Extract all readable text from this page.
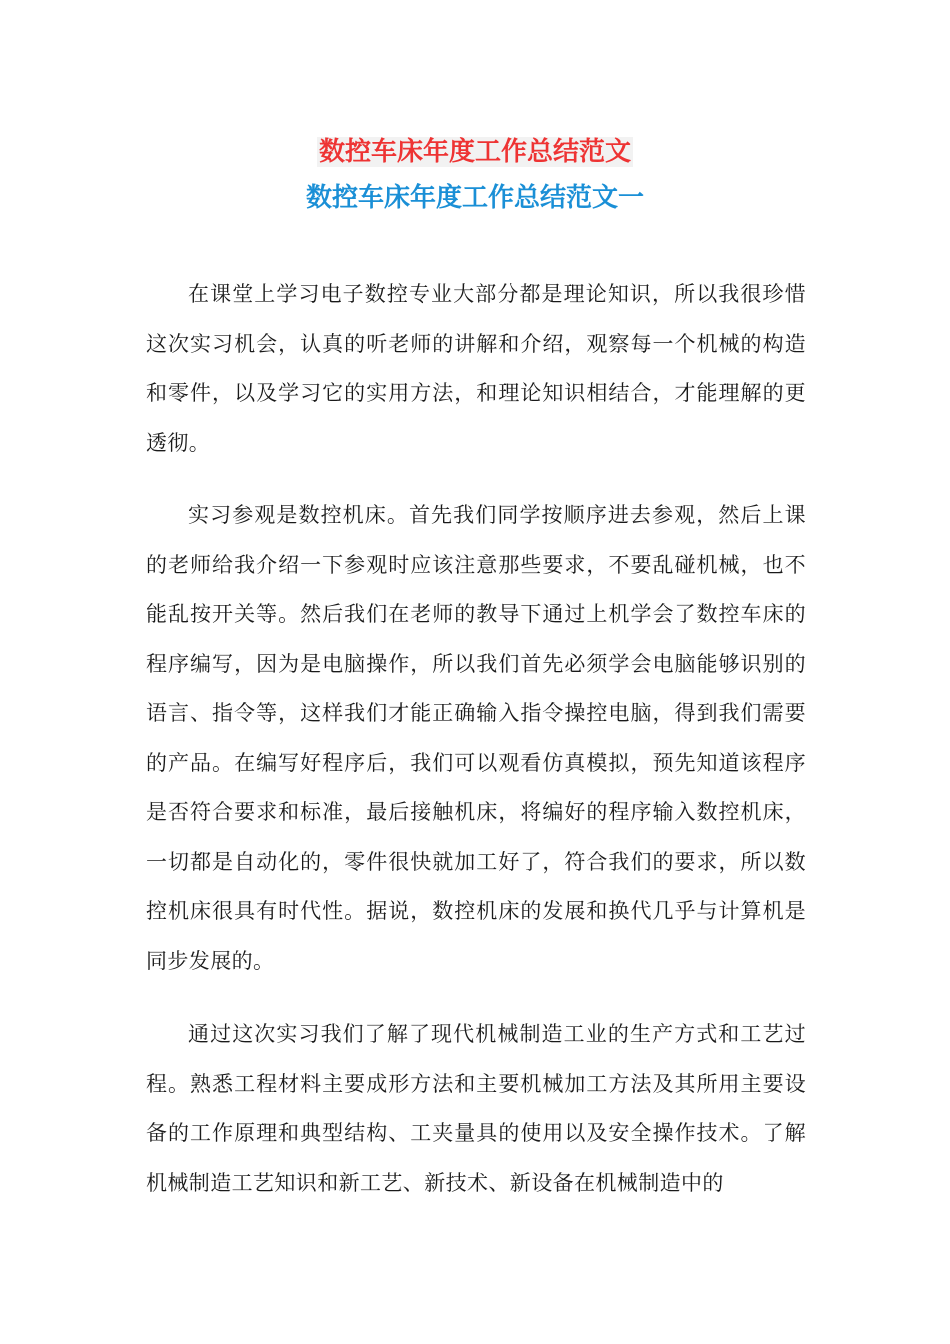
数控车床年度工作总结范文
数控车床年度工作总结范文一

在课堂上学习电子数控专业大部分都是理论知识，所以我很珍惜这次实习机会，认真的听老师的讲解和介绍，观察每一个机械的构造和零件，以及学习它的实用方法，和理论知识相结合，才能理解的更透彻。

实习参观是数控机床。首先我们同学按顺序进去参观，然后上课的老师给我介绍一下参观时应该注意那些要求，不要乱碰机械，也不能乱按开关等。然后我们在老师的教导下通过上机学会了数控车床的程序编写，因为是电脑操作，所以我们首先必须学会电脑能够识别的语言、指令等，这样我们才能正确输入指令操控电脑，得到我们需要的产品。在编写好程序后，我们可以观看仿真模拟，预先知道该程序是否符合要求和标准，最后接触机床，将编好的程序输入数控机床，一切都是自动化的，零件很快就加工好了，符合我们的要求，所以数控机床很具有时代性。据说，数控机床的发展和换代几乎与计算机是同步发展的。

通过这次实习我们了解了现代机械制造工业的生产方式和工艺过程。熟悉工程材料主要成形方法和主要机械加工方法及其所用主要设备的工作原理和典型结构、工夹量具的使用以及安全操作技术。了解机械制造工艺知识和新工艺、新技术、新设备在机械制造中的
